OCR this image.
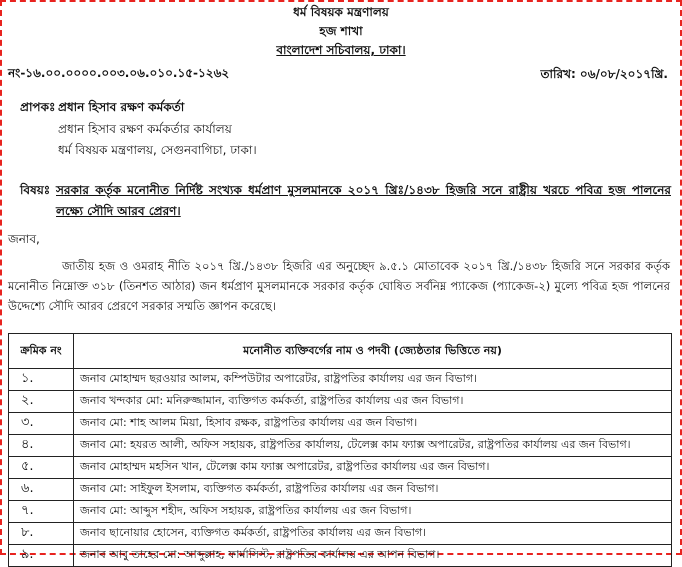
ধর্ম বিষয়ক মন্ত্রণালয়
হজ শাখা
বাংলাদেশ সচিবালয়, ঢাকা।
নং-১৬.০০.০০০০.০০৩.০৬.০১০.১৫-১২৬২	তারিখ: ০৬/০৮/২০১৭খ্রি.
প্রাপকঃ প্রধান হিসাব রক্ষণ কর্মকর্তা
প্রধান হিসাব রক্ষণ কর্মকর্তার কার্যালয়
ধর্ম বিষয়ক মন্ত্রণালয়, সেগুনবাগিচা, ঢাকা।
বিষয়ঃ সরকার কর্তৃক মনোনীত নির্দিষ্ট সংখ্যক ধর্মপ্রাণ মুসলমানকে ২০১৭ খ্রিঃ/১৪৩৮ হিজরি সনে রাষ্ট্রীয় খরচে পবিত্র হজ পালনের লক্ষ্যে সৌদি আরব প্রেরণ।
জনাব,
জাতীয় হজ ও ওমরাহ নীতি ২০১৭ খ্রি./১৪৩৮ হিজরি এর অনুচ্ছেদ ৯.৫.১ মোতাবেক ২০১৭ খ্রি./১৪৩৮ হিজরি সনে সরকার কর্তৃক মনোনীত নিম্নোক্ত ৩১৮ (তিনশত আঠার) জন ধর্মপ্রাণ মুসলমানকে সরকার কর্তৃক ঘোষিত সর্বনিম্ন প্যাকেজ (প্যাকেজ-২) মুল্যে পবিত্র হজ পালনের উদ্দেশ্যে সৌদি আরব প্রেরণে সরকার সম্মতি জ্ঞাপন করেছে।
ক্রমিক নং	মনোনীত ব্যক্তিবর্গের নাম ও পদবী (জ্যেষ্ঠতার ভিত্তিতে নয়)
১.	জনাব মোহাম্মদ ছরওয়ার আলম, কম্পিউটার অপারেটর, রাষ্ট্রপতির কার্যালয় এর জন বিভাগ।
২.	জনাব খন্দকার মো: মনিরুজ্জামান, ব্যক্তিগত কর্মকর্তা, রাষ্ট্রপতির কার্যালয় এর জন বিভাগ।
৩.	জনাব মো: শাহ আলম মিয়া, হিসাব রক্ষক, রাষ্ট্রপতির কার্যালয় এর জন বিভাগ।
৪.	জনাব মো: হযরত আলী, অফিস সহায়ক, রাষ্ট্রপতির কার্যালয়, টেলেক্স কাম ফ্যাক্স অপারেটর, রাষ্ট্রপতির কার্যালয় এর জন বিভাগ।
৫.	জনাব মোহাম্মদ মহসিন খান, টেলেক্স কাম ফ্যাক্স অপারেটর, রাষ্ট্রপতির কার্যালয় এর জন বিভাগ।
৬.	জনাব মো: সাইফুল ইসলাম, ব্যক্তিগত কর্মকর্তা, রাষ্ট্রপতির কার্যালয় এর জন বিভাগ।
৭.	জনাব মো: আব্দুস শহীদ, অফিস সহায়ক, রাষ্ট্রপতির কার্যালয় এর জন বিভাগ।
৮.	জনাব ছানোয়ার হোসেন, ব্যক্তিগত কর্মকর্তা, রাষ্ট্রপতির কার্যালয় এর জন বিভাগ।
৯.	জনাব আবু তাহের মো: আব্দুল্লাহ, ফার্মাসিস্ট, রাষ্ট্রপতির কার্যালয় এর আপন বিভাগ।
